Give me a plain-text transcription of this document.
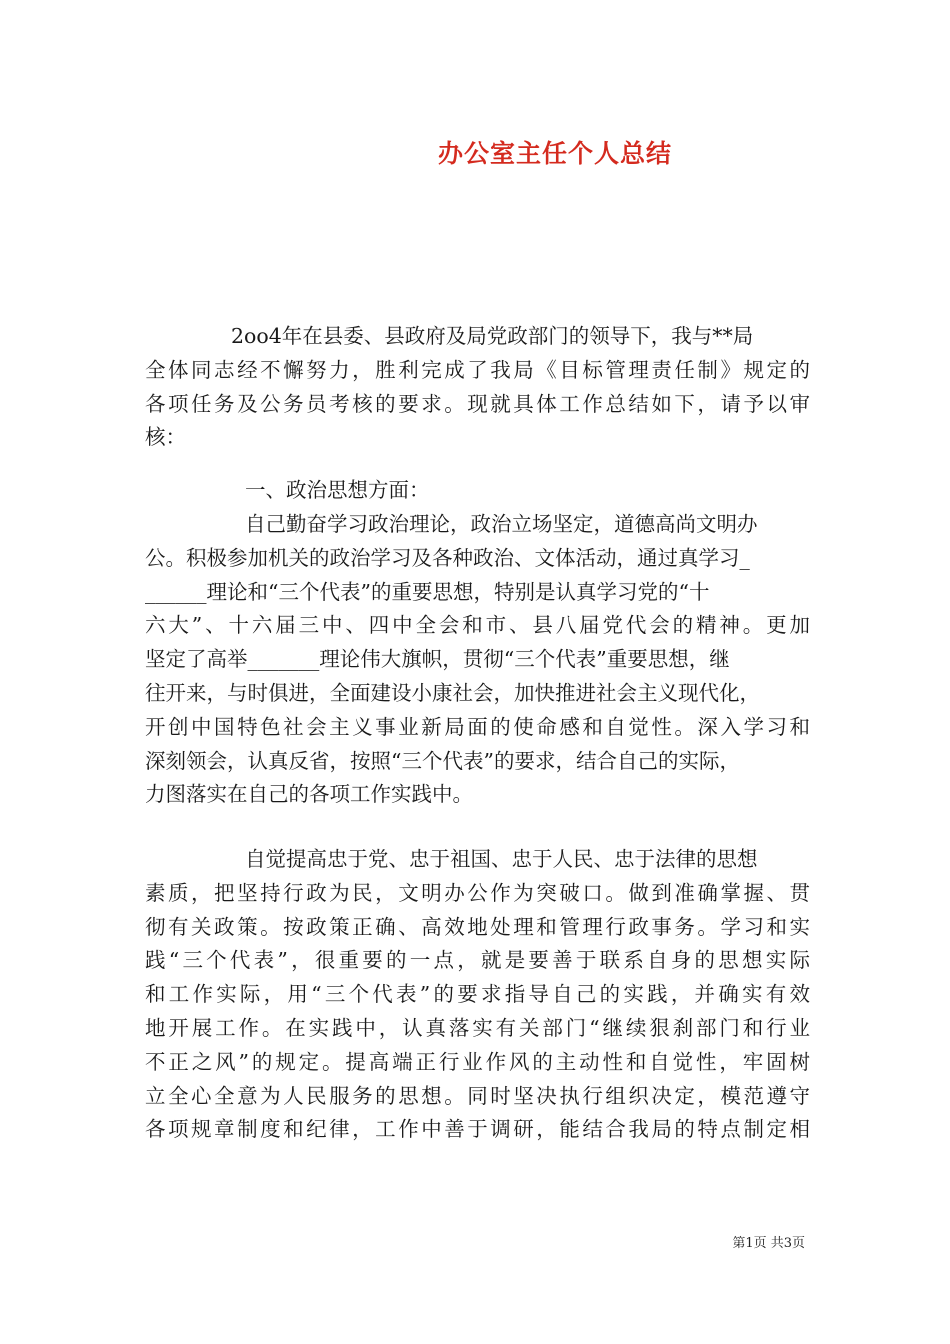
办公室主任个人总结
2oo4年在县委、县政府及局党政部门的领导下，我与**局
全体同志经不懈努力，胜利完成了我局《目标管理责任制》规定的
各项任务及公务员考核的要求。现就具体工作总结如下，请予以审
核：
一、政治思想方面：
自己勤奋学习政治理论，政治立场坚定，道德高尚文明办
公。积极参加机关的政治学习及各种政治、文体活动，通过真学习_
______理论和“三个代表”的重要思想，特别是认真学习党的“十
六大”、十六届三中、四中全会和市、县八届党代会的精神。更加
坚定了高举_______理论伟大旗帜，贯彻“三个代表”重要思想，继
往开来，与时俱进，全面建设小康社会，加快推进社会主义现代化，
开创中国特色社会主义事业新局面的使命感和自觉性。深入学习和
深刻领会，认真反省，按照“三个代表”的要求，结合自己的实际，
力图落实在自己的各项工作实践中。
自觉提高忠于党、忠于祖国、忠于人民、忠于法律的思想
素质，把坚持行政为民，文明办公作为突破口。做到准确掌握、贯
彻有关政策。按政策正确、高效地处理和管理行政事务。学习和实
践“三个代表”，很重要的一点，就是要善于联系自身的思想实际
和工作实际，用“三个代表”的要求指导自己的实践，并确实有效
地开展工作。在实践中，认真落实有关部门“继续狠刹部门和行业
不正之风”的规定。提高端正行业作风的主动性和自觉性，牢固树
立全心全意为人民服务的思想。同时坚决执行组织决定，模范遵守
各项规章制度和纪律，工作中善于调研，能结合我局的特点制定相
第1页 共3页
